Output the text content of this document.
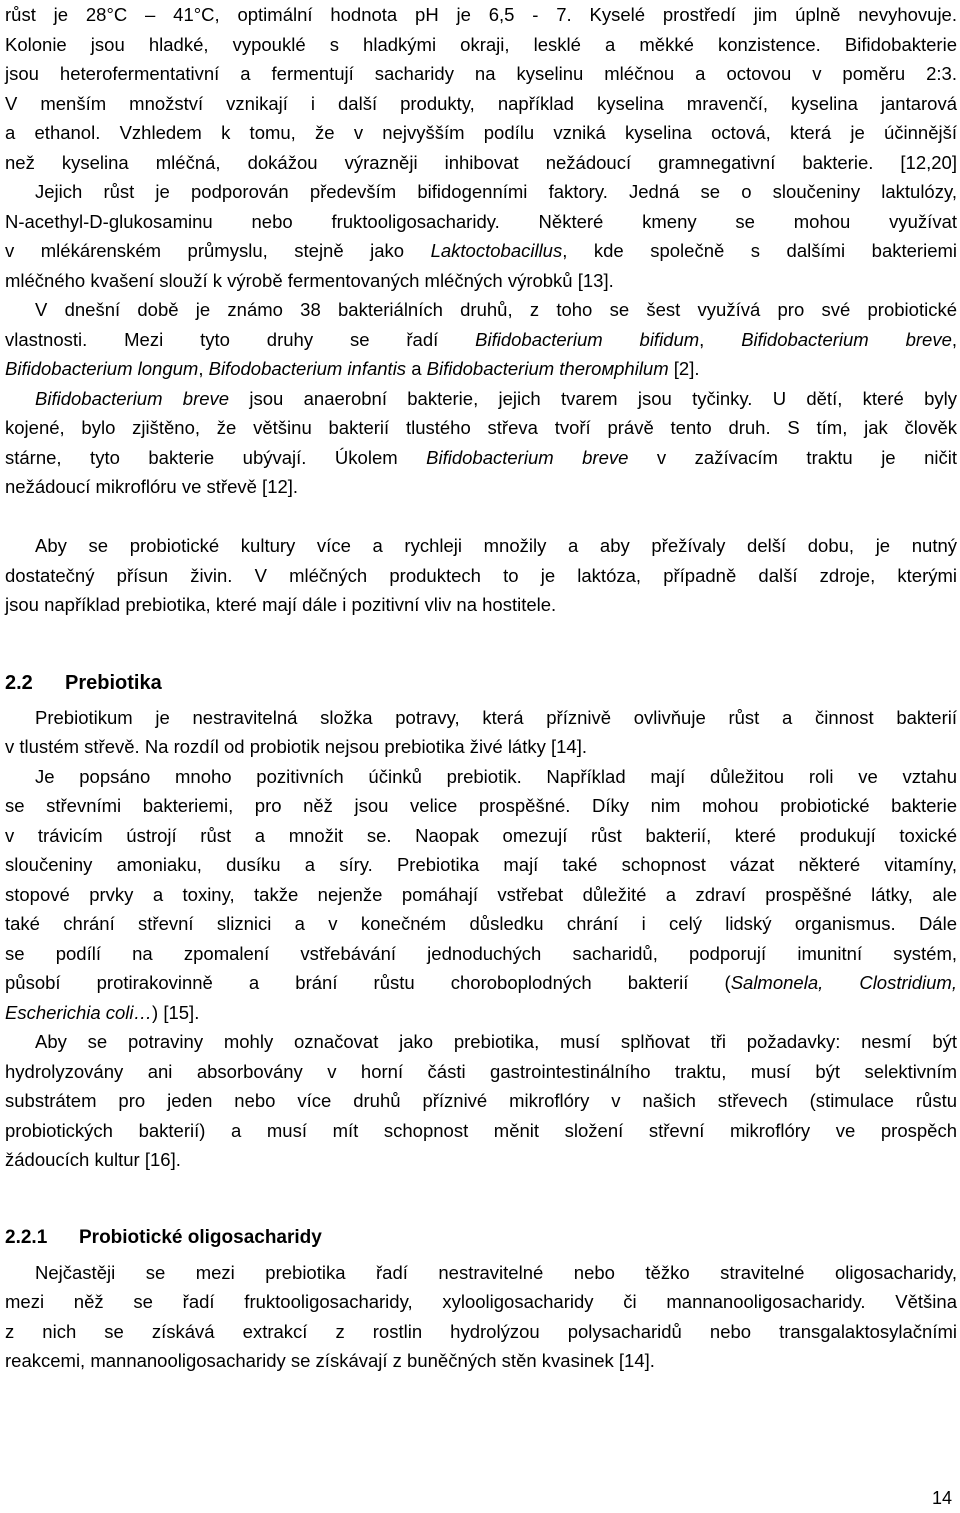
růst je 28°C – 41°C, optimální hodnota pH je 6,5 - 7. Kyselé prostředí jim úplně nevyhovuje.
Kolonie jsou hladké, vypouklé s hladkými okraji, lesklé a měkké konzistence. Bifidobakterie
jsou heterofermentativní a fermentují sacharidy na kyselinu mléčnou a octovou v poměru 2:3.
V menším množství vznikají i další produkty, například kyselina mravenčí, kyselina jantarová
a ethanol. Vzhledem k tomu, že v nejvyšším podílu vzniká kyselina octová, která je účinnější
než kyselina mléčná, dokážou výrazněji inhibovat nežádoucí gramnegativní bakterie. [12,20]
Jejich růst je podporován především bifidogenními faktory. Jedná se o sloučeniny laktulózy,
N-acethyl-D-glukosaminu nebo fruktooligosacharidy. Některé kmeny se mohou využívat
v mlékárenském průmyslu, stejně jako Laktoctobacillus, kde společně s dalšími bakteriemi
mléčného kvašení slouží k výrobě fermentovaných mléčných výrobků [13].
V dnešní době je známo 38 bakteriálních druhů, z toho se šest využívá pro své probiotické
vlastnosti. Mezi tyto druhy se řadí Bifidobacterium bifidum, Bifidobacterium breve,
Bifidobacterium longum, Bifodobacterium infantis a Bifidobacterium therомphilum [2].
Bifidobacterium breve jsou anaerobní bakterie, jejich tvarem jsou tyčinky. U dětí, které byly
kojené, bylo zjištěno, že většinu bakterií tlustého střeva tvoří právě tento druh. S tím, jak člověk
stárne, tyto bakterie ubývají. Úkolem Bifidobacterium breve v zažívacím traktu je ničit
nežádoucí mikroflóru ve střevě [12].
Aby se probiotické kultury více a rychleji množily a aby přežívaly delší dobu, je nutný
dostatečný přísun živin. V mléčných produktech to je laktóza, případně další zdroje, kterými
jsou například prebiotika, které mají dále i pozitivní vliv na hostitele.
2.2 Prebiotika
Prebiotikum je nestravitelná složka potravy, která příznivě ovlivňuje růst a činnost bakterií
v tlustém střevě. Na rozdíl od probiotik nejsou prebiotika živé látky [14].
Je popsáno mnoho pozitivních účinků prebiotik. Například mají důležitou roli ve vztahu
se střevními bakteriemi, pro něž jsou velice prospěšné. Díky nim mohou probiotické bakterie
v trávicím ústrojí růst a množit se. Naopak omezují růst bakterií, které produkují toxické
sloučeniny amoniaku, dusíku a síry. Prebiotika mají také schopnost vázat některé vitamíny,
stopové prvky a toxiny, takže nejenže pomáhají vstřebat důležité a zdraví prospěšné látky, ale
také chrání střevní sliznici a v konečném důsledku chrání i celý lidský organismus. Dále
se podílí na zpomalení vstřebávání jednoduchých sacharidů, podporují imunitní systém,
působí protirakovinně a brání růstu choroboplodných bakterií (Salmonela, Clostridium,
Escherichia coli…) [15].
Aby se potraviny mohly označovat jako prebiotika, musí splňovat tři požadavky: nesmí být
hydrolyzovány ani absorbovány v horní části gastrointestinálního traktu, musí být selektivním
substrátem pro jeden nebo více druhů příznivé mikroflóry v našich střevech (stimulace růstu
probiotických bakterií) a musí mít schopnost měnit složení střevní mikroflóry ve prospěch
žádoucích kultur [16].
2.2.1 Probiotické oligosacharidy
Nejčastěji se mezi prebiotika řadí nestravitelné nebo těžko stravitelné oligosacharidy,
mezi něž se řadí fruktooligosacharidy, xylooligosacharidy či mannanooligosacharidy. Většina
z nich se získává extrakcí z rostlin hydrolýzou polysacharidů nebo transgalaktosylačními
reakcemi, mannanooligosacharidy se získávají z buněčných stěn kvasinek [14].
14
